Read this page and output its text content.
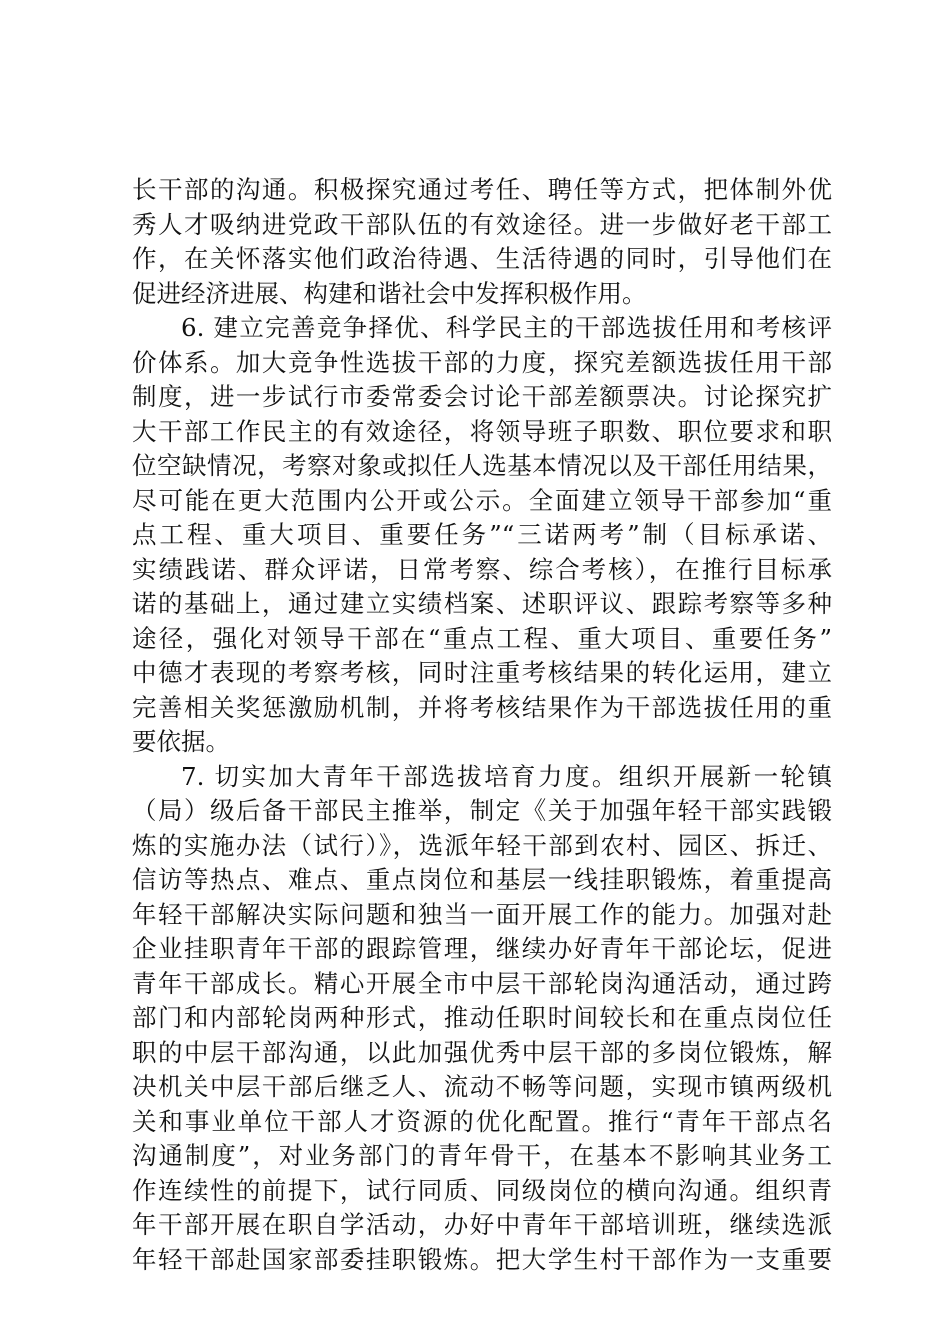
长干部的沟通。积极探究通过考任、聘任等方式，把体制外优
秀人才吸纳进党政干部队伍的有效途径。进一步做好老干部工
作，在关怀落实他们政治待遇、生活待遇的同时，引导他们在
促进经济进展、构建和谐社会中发挥积极作用。
6. 建立完善竞争择优、科学民主的干部选拔任用和考核评
价体系。加大竞争性选拔干部的力度，探究差额选拔任用干部
制度，进一步试行市委常委会讨论干部差额票决。讨论探究扩
大干部工作民主的有效途径，将领导班子职数、职位要求和职
位空缺情况，考察对象或拟任人选基本情况以及干部任用结果，
尽可能在更大范围内公开或公示。全面建立领导干部参加“重
点工程、重大项目、重要任务”“三诺两考”制（目标承诺、
实绩践诺、群众评诺，日常考察、综合考核），在推行目标承
诺的基础上，通过建立实绩档案、述职评议、跟踪考察等多种
途径，强化对领导干部在“重点工程、重大项目、重要任务”
中德才表现的考察考核，同时注重考核结果的转化运用，建立
完善相关奖惩激励机制，并将考核结果作为干部选拔任用的重
要依据。
7. 切实加大青年干部选拔培育力度。组织开展新一轮镇
（局）级后备干部民主推举，制定《关于加强年轻干部实践锻
炼的实施办法（试行）》，选派年轻干部到农村、园区、拆迁、
信访等热点、难点、重点岗位和基层一线挂职锻炼，着重提高
年轻干部解决实际问题和独当一面开展工作的能力。加强对赴
企业挂职青年干部的跟踪管理，继续办好青年干部论坛，促进
青年干部成长。精心开展全市中层干部轮岗沟通活动，通过跨
部门和内部轮岗两种形式，推动任职时间较长和在重点岗位任
职的中层干部沟通，以此加强优秀中层干部的多岗位锻炼，解
决机关中层干部后继乏人、流动不畅等问题，实现市镇两级机
关和事业单位干部人才资源的优化配置。推行“青年干部点名
沟通制度”，对业务部门的青年骨干，在基本不影响其业务工
作连续性的前提下，试行同质、同级岗位的横向沟通。组织青
年干部开展在职自学活动，办好中青年干部培训班，继续选派
年轻干部赴国家部委挂职锻炼。把大学生村干部作为一支重要
